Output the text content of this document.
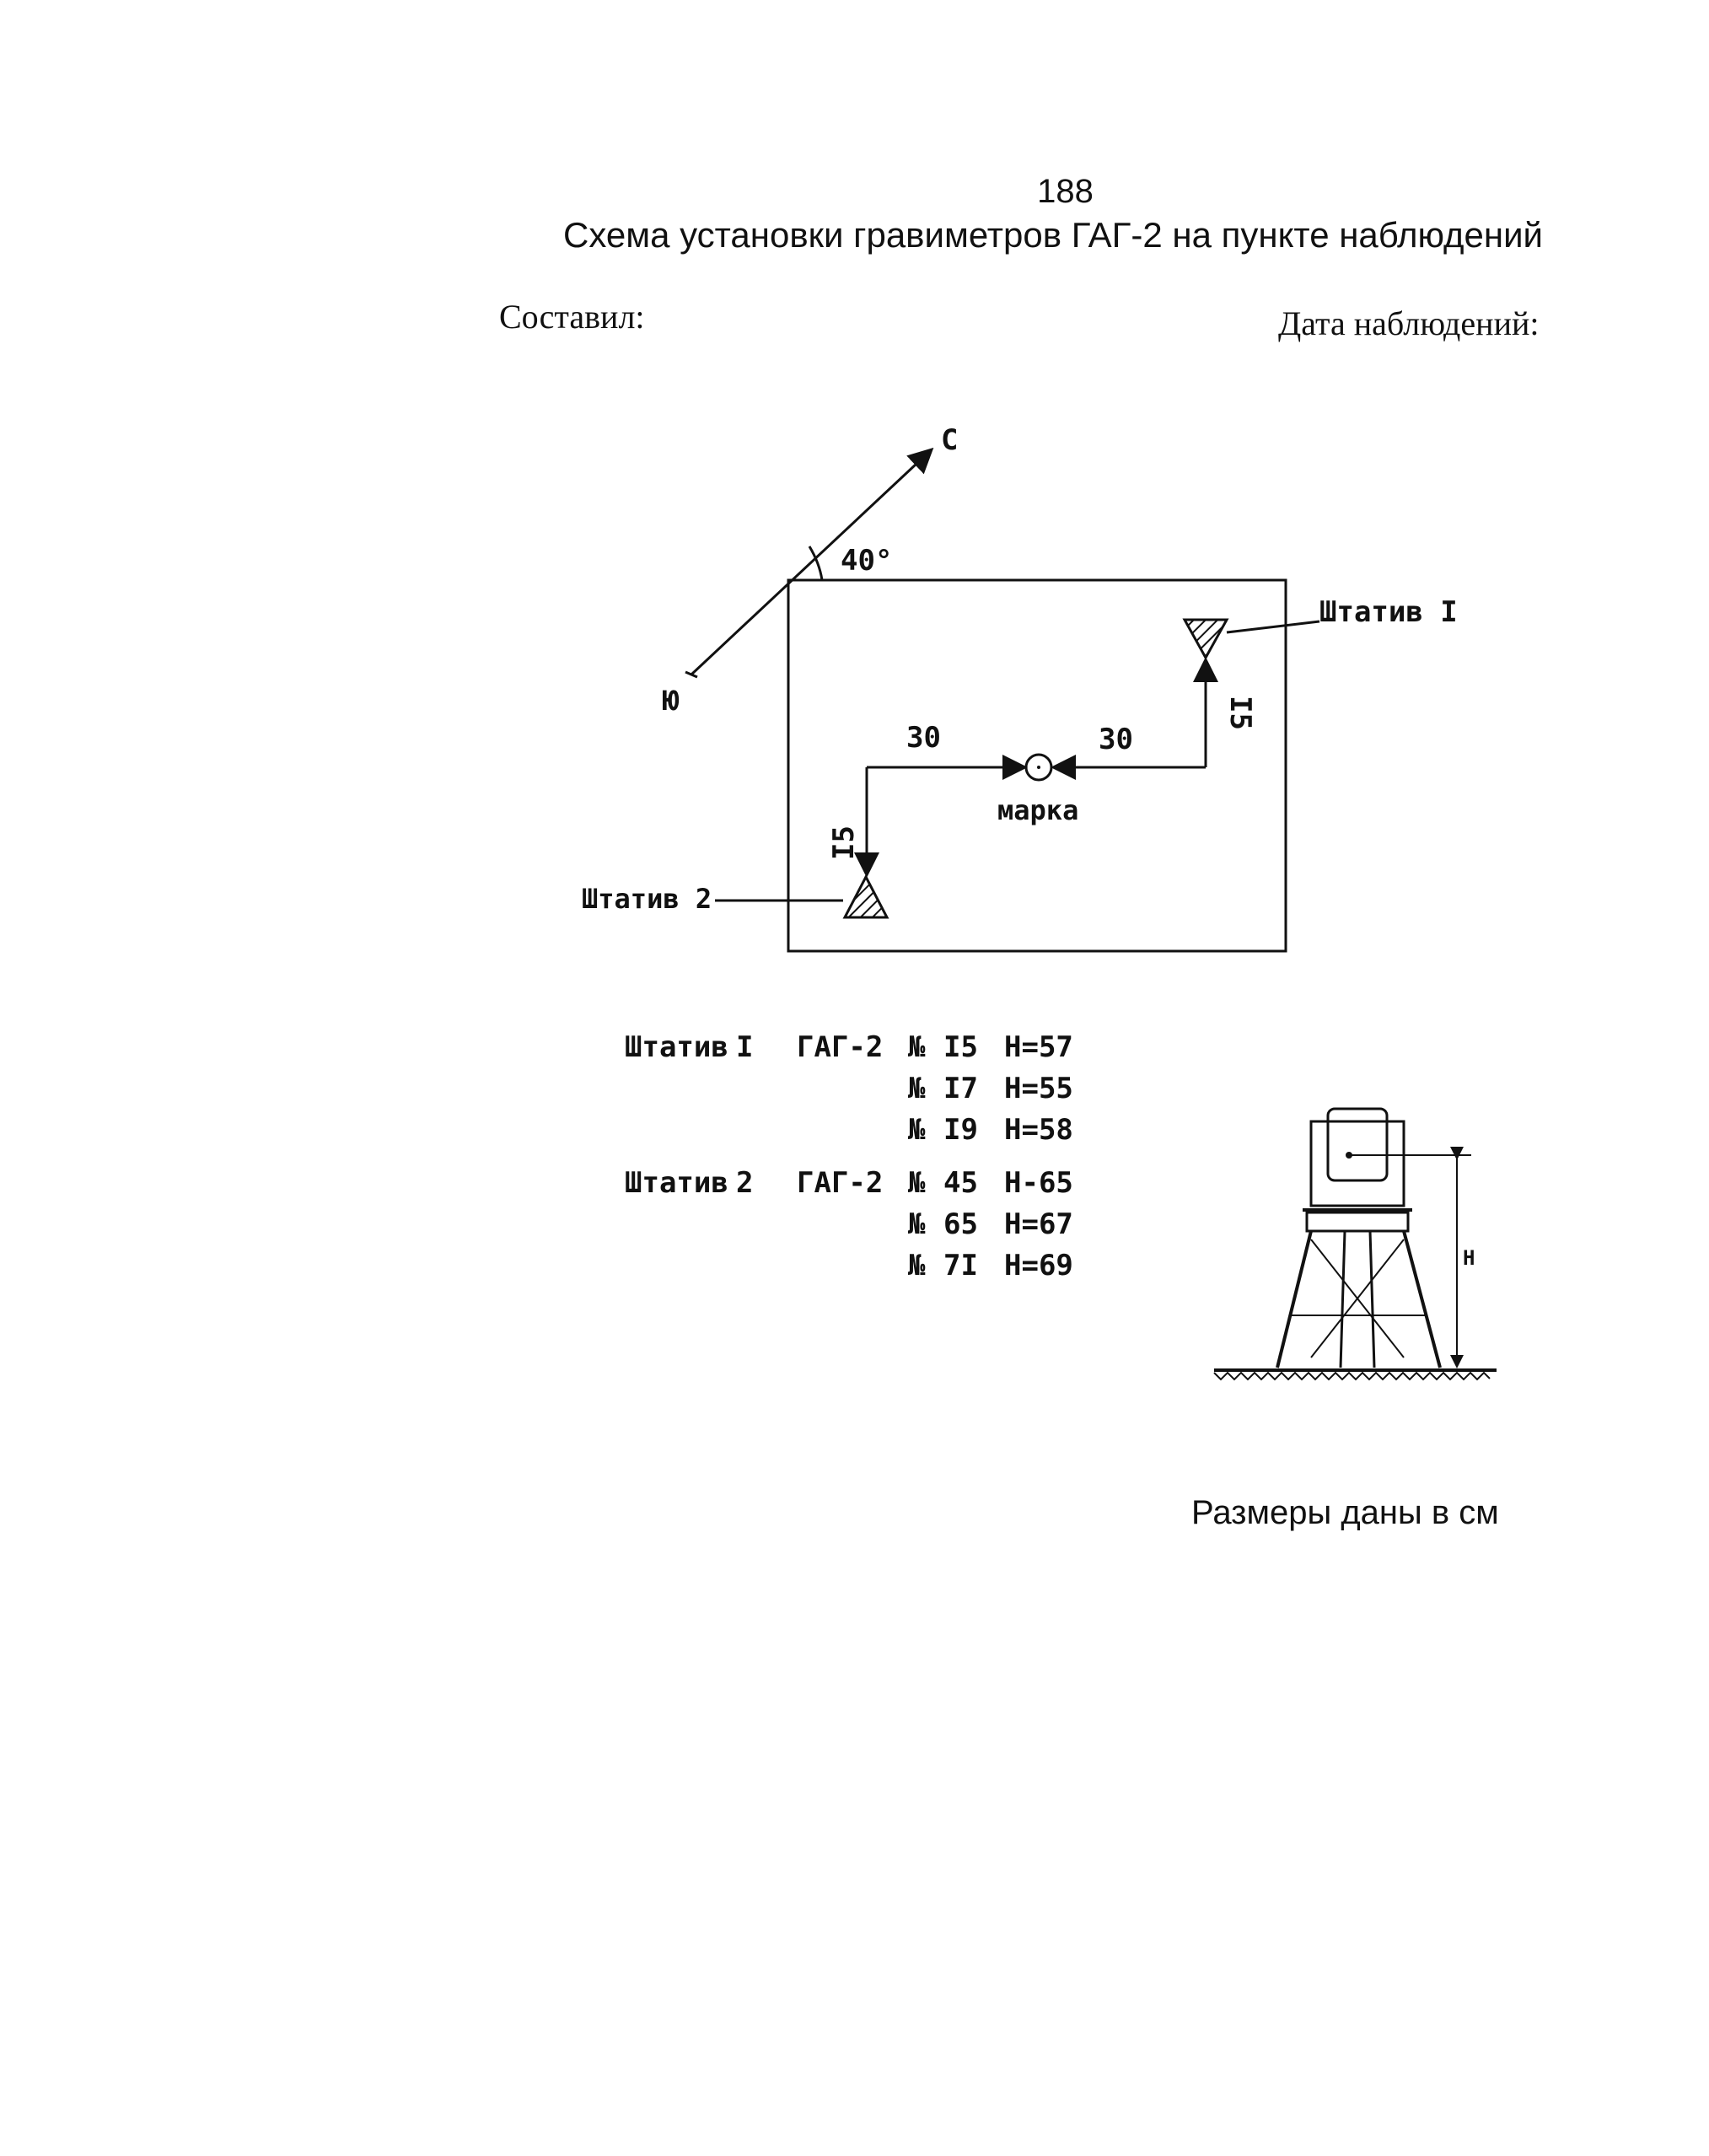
188
Схема установки гравиметров ГАГ-2 на пункте наблюдений
Составил:	Дата наблюдений:
С
Ю
40°
Штатив I
Штатив 2
марка
30	30
I5
I5
Штатив	I	ГАГ-2	№	I5	Н=57
			№	I7	Н=55
			№	I9	Н=58
Штатив	2	ГАГ-2	№	45	Н-65
			№	65	Н=67
			№	7I	Н=69	Н
Размеры даны в см
